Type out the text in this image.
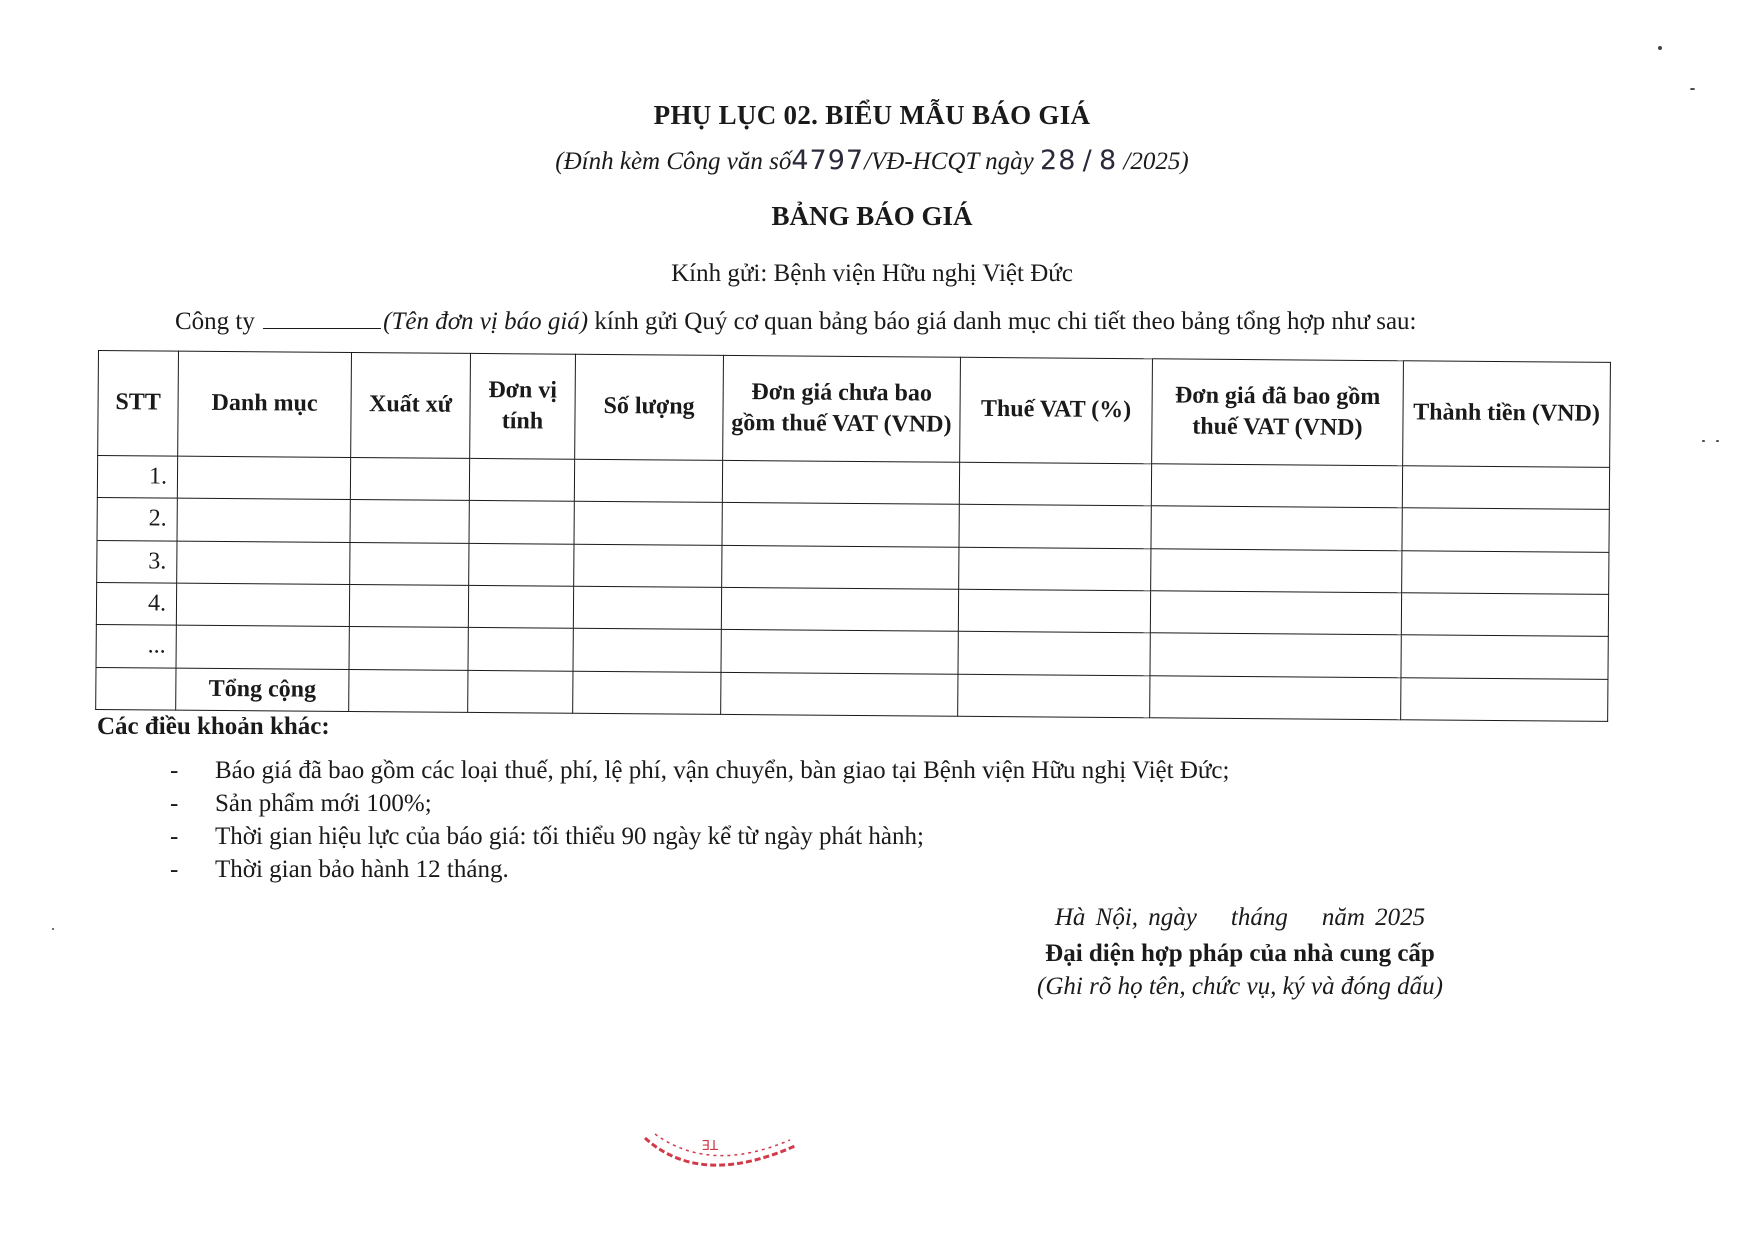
PHỤ LỤC 02. BIỂU MẪU BÁO GIÁ
(Đính kèm Công văn số4797/VĐ-HCQT ngày 28 / 8 /2025)
BẢNG BÁO GIÁ
Kính gửi: Bệnh viện Hữu nghị Việt Đức
Công ty	(Tên đơn vị báo giá) kính gửi Quý cơ quan bảng báo giá danh mục chi tiết theo bảng tổng hợp như sau:
STT	Danh mục	Xuất xứ	Đơn vị tính	Số lượng	Đơn giá chưa bao gồm thuế VAT (VND)	Thuế VAT (%)	Đơn giá đã bao gồm thuế VAT (VND)	Thành tiền (VND)
1.								
2.								
3.								
4.								
...								
	Tổng cộng							
Các điều khoản khác:
- Báo giá đã bao gồm các loại thuế, phí, lệ phí, vận chuyển, bàn giao tại Bệnh viện Hữu nghị Việt Đức;
- Sản phẩm mới 100%;
- Thời gian hiệu lực của báo giá: tối thiểu 90 ngày kể từ ngày phát hành;
- Thời gian bảo hành 12 tháng.
Hà Nội, ngày tháng năm 2025
Đại diện hợp pháp của nhà cung cấp
(Ghi rõ họ tên, chức vụ, ký và đóng dấu)
TE
